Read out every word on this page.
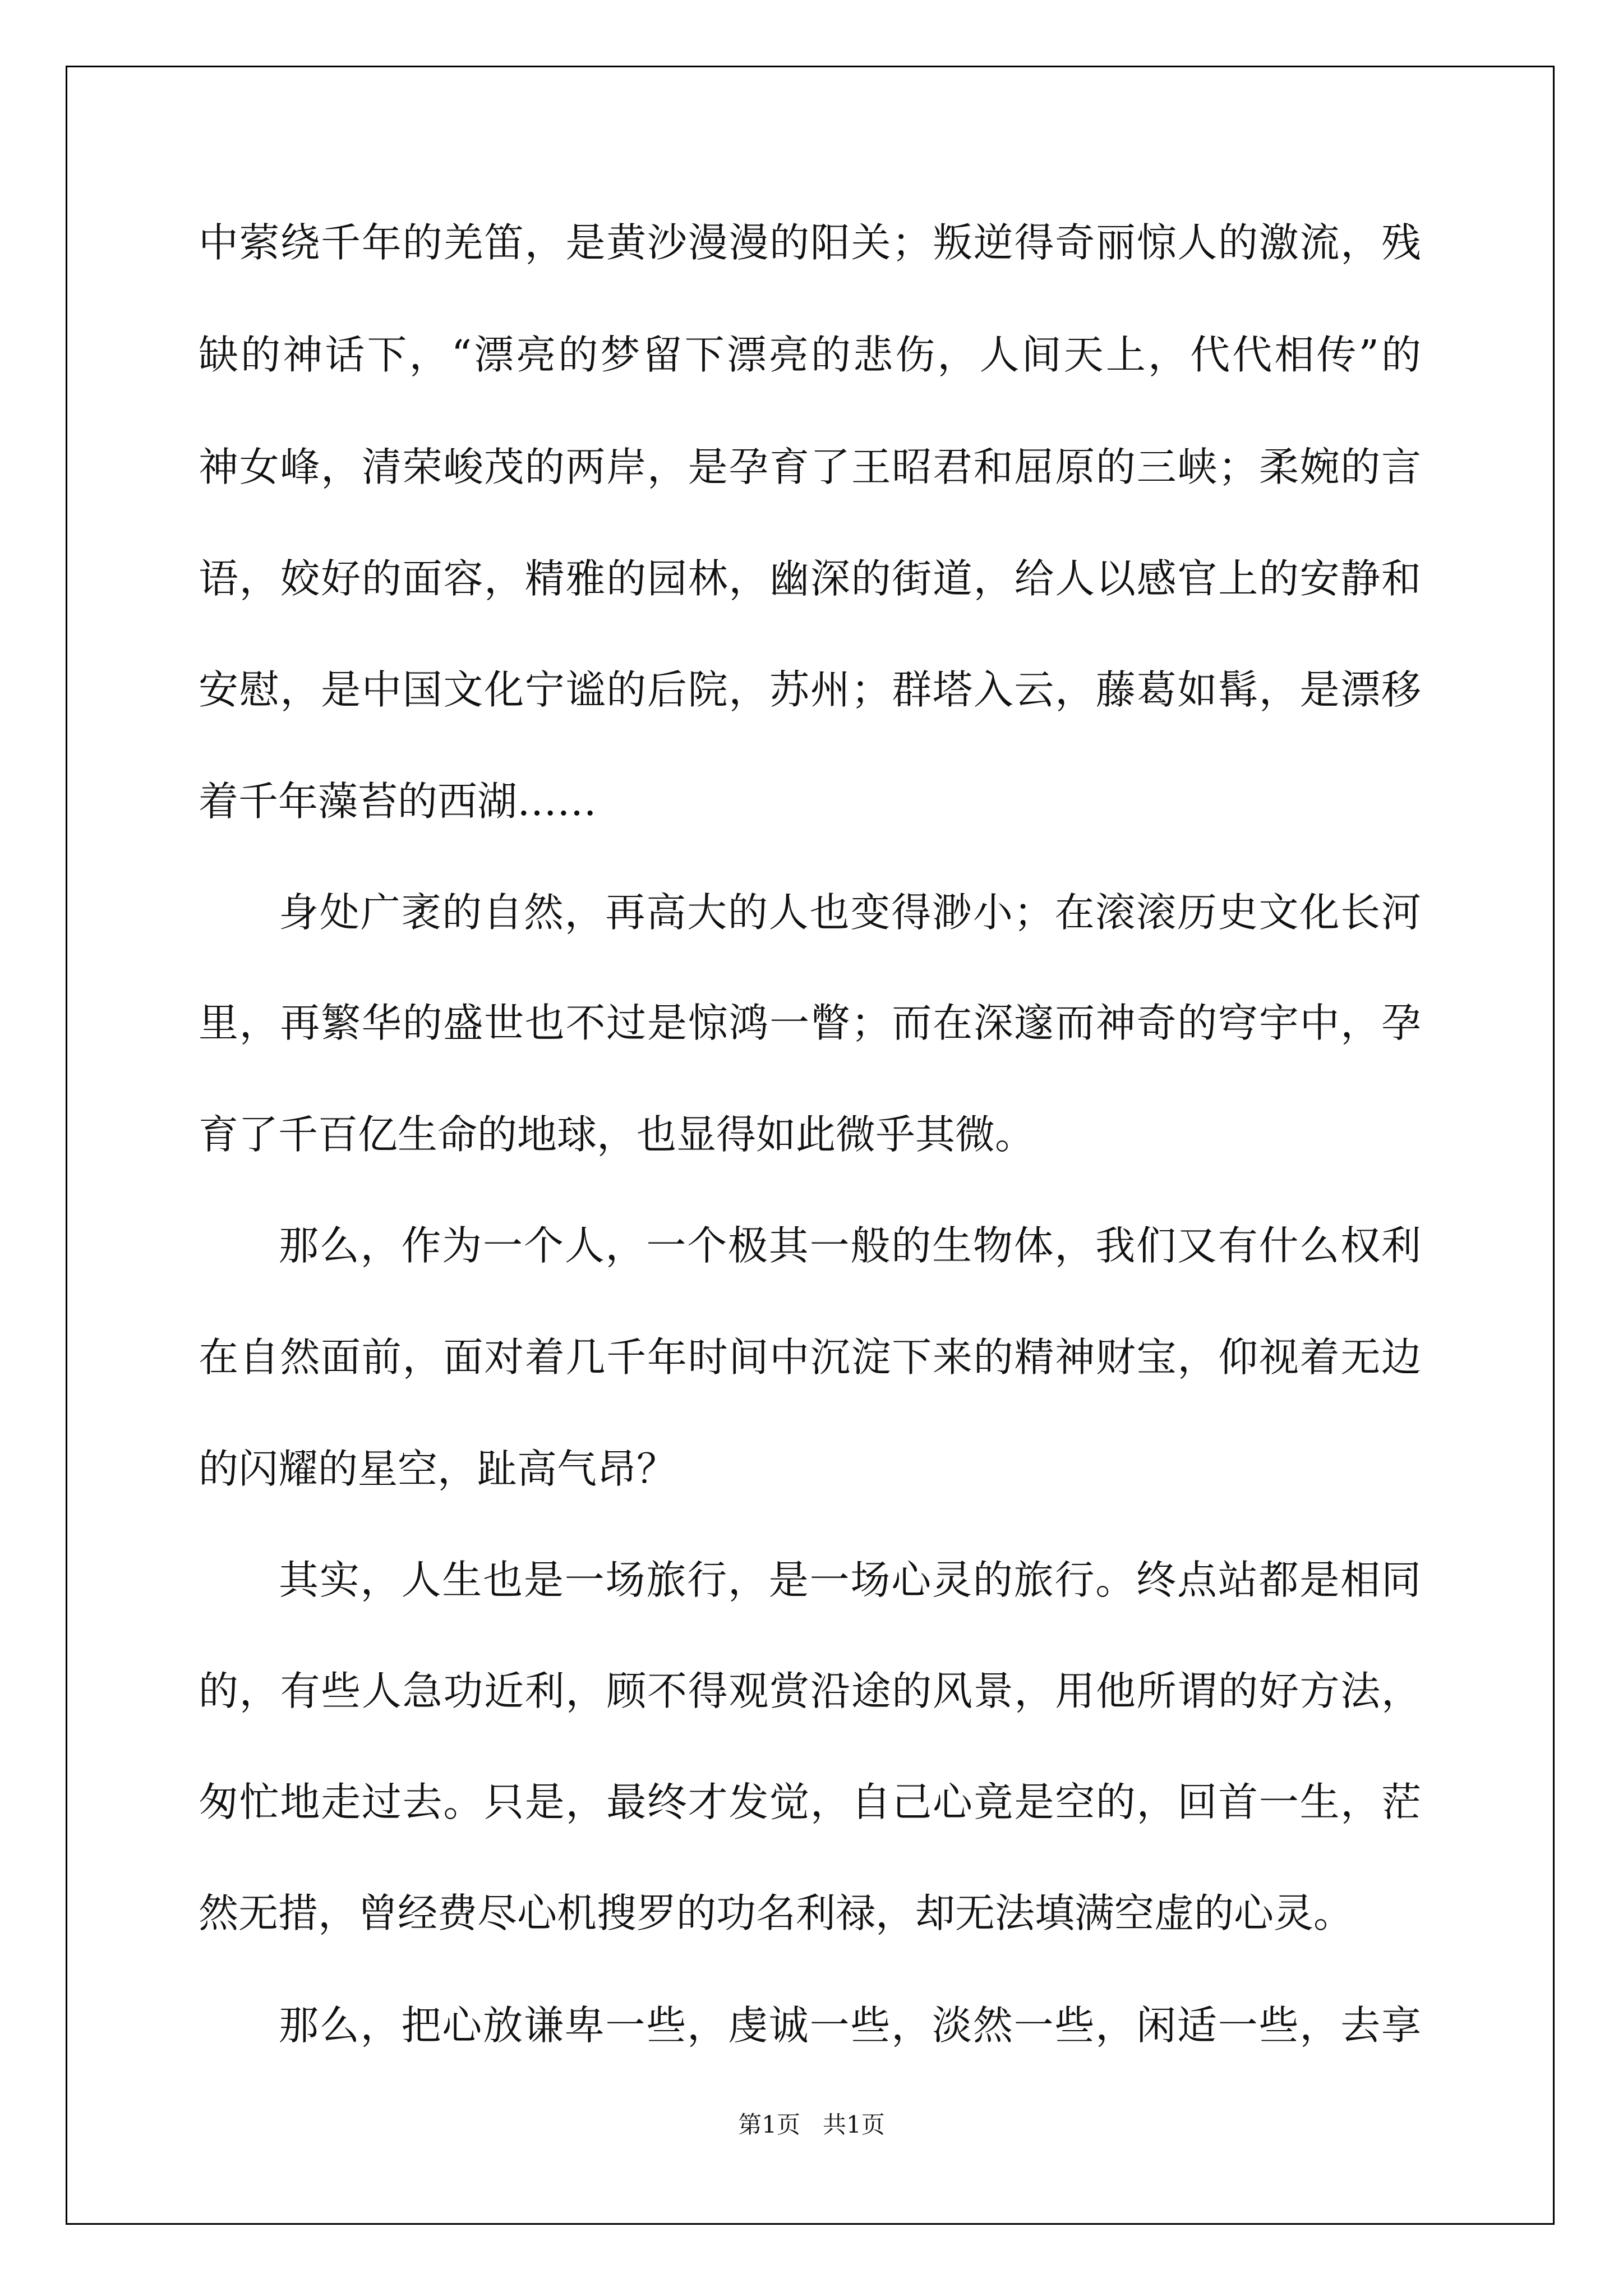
中萦绕千年的羌笛，是黄沙漫漫的阳关；叛逆得奇丽惊人的激流，残
缺的神话下，“漂亮的梦留下漂亮的悲伤，人间天上，代代相传”的
神女峰，清荣峻茂的两岸，是孕育了王昭君和屈原的三峡；柔婉的言
语，姣好的面容，精雅的园林，幽深的街道，给人以感官上的安静和
安慰，是中国文化宁谧的后院，苏州；群塔入云，藤葛如髯，是漂移
着千年藻苔的西湖……
身处广袤的自然，再高大的人也变得渺小；在滚滚历史文化长河
里，再繁华的盛世也不过是惊鸿一瞥；而在深邃而神奇的穹宇中，孕
育了千百亿生命的地球，也显得如此微乎其微。
那么，作为一个人，一个极其一般的生物体，我们又有什么权利
在自然面前，面对着几千年时间中沉淀下来的精神财宝，仰视着无边
的闪耀的星空，趾高气昂？
其实，人生也是一场旅行，是一场心灵的旅行。终点站都是相同
的，有些人急功近利，顾不得观赏沿途的风景，用他所谓的好方法，
匆忙地走过去。只是，最终才发觉，自己心竟是空的，回首一生，茫
然无措，曾经费尽心机搜罗的功名利禄，却无法填满空虚的心灵。
那么，把心放谦卑一些，虔诚一些，淡然一些，闲适一些，去享
第1页   共1页
